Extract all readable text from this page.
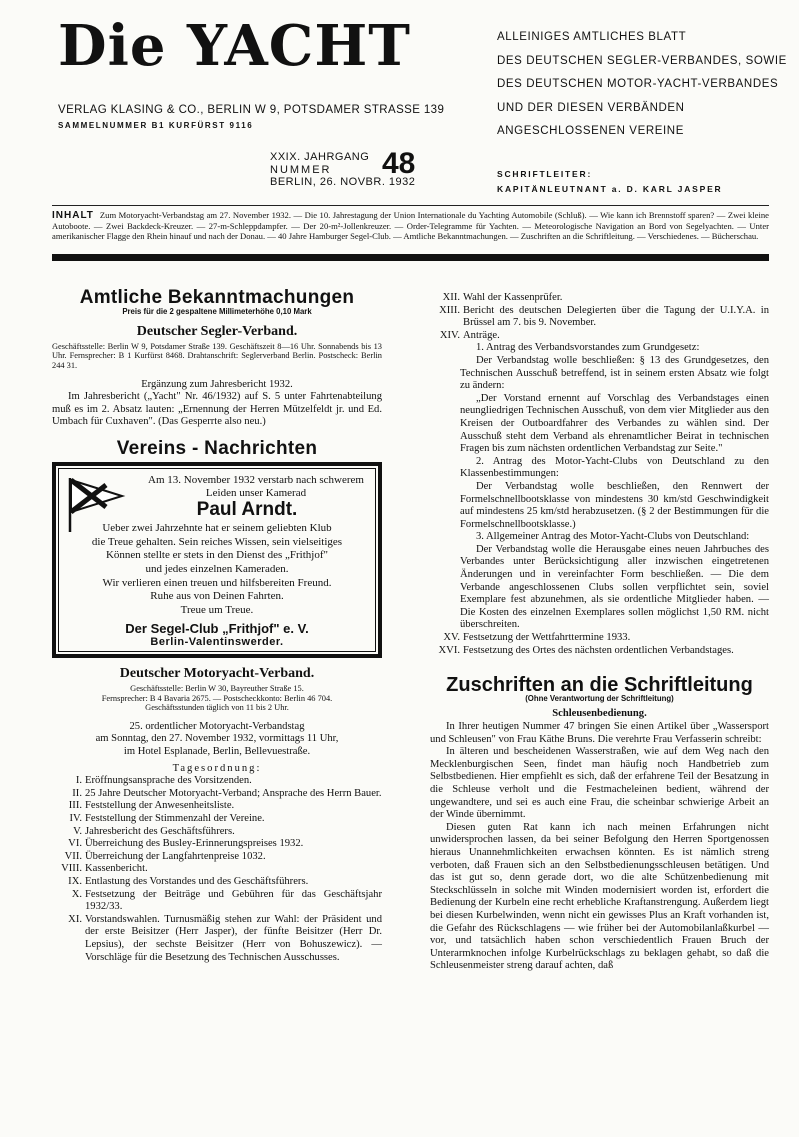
Die YACHT
VERLAG KLASING & CO., BERLIN W 9, POTSDAMER STRASSE 139
SAMMELNUMMER B1 KURFÜRST 9116
ALLEINIGES AMTLICHES BLATT
DES DEUTSCHEN SEGLER-VERBANDES, SOWIE
DES DEUTSCHEN MOTOR-YACHT-VERBANDES
UND DER DIESEN VERBÄNDEN
ANGESCHLOSSENEN VEREINE
XXIX. JAHRGANG
NUMMER
BERLIN, 26. NOVBR. 1932
48	SCHRIFTLEITER:
KAPITÄNLEUTNANT a. D. KARL JASPER
INHALT Zum Motoryacht-Verbandstag am 27. November 1932. — Die 10. Jahrestagung der Union Internationale du Yachting Automobile (Schluß). — Wie kann ich Brennstoff sparen? — Zwei kleine Autoboote. — Zwei Backdeck-Kreuzer. — 27-m-Schleppdampfer. — Der 20-m²-Jollenkreuzer. — Order-Telegramme für Yachten. — Meteorologische Navigation an Bord von Segelyachten. — Unter amerikanischer Flagge den Rhein hinauf und nach der Donau. — 40 Jahre Hamburger Segel-Club. — Amtliche Bekanntmachungen. — Zuschriften an die Schriftleitung. — Verschiedenes. — Bücherschau.
Amtliche Bekanntmachungen
Preis für die 2 gespaltene Millimeterhöhe 0,10 Mark
Deutscher Segler-Verband.
Geschäftsstelle: Berlin W 9, Potsdamer Straße 139. Geschäftszeit 8—16 Uhr. Sonnabends bis 13 Uhr. Fernsprecher: B 1 Kurfürst 8468. Drahtanschrift: Seglerverband Berlin. Postscheck: Berlin 244 31.
Ergänzung zum Jahresbericht 1932.

Im Jahresbericht („Yacht" Nr. 46/1932) auf S. 5 unter Fahrtenabteilung muß es im 2. Absatz lauten: „Ernennung der Herren Mützelfeldt jr. und Ed. Umbach für Cuxhaven". (Das Gesperrte also neu.)

Vereins - Nachrichten
Am 13. November 1932 verstarb nach schwerem Leiden unser Kamerad
Paul Arndt.
Ueber zwei Jahrzehnte hat er seinem geliebten Klub
die Treue gehalten. Sein reiches Wissen, sein vielseitiges
Können stellte er stets in den Dienst des „Frithjof"
und jedes einzelnen Kameraden.
Wir verlieren einen treuen und hilfsbereiten Freund.
Ruhe aus von Deinen Fahrten.
Treue um Treue.
Der Segel-Club „Frithjof" e. V.
Berlin-Valentinswerder.
Deutscher Motoryacht-Verband.
Geschäftsstelle: Berlin W 30, Bayreuther Straße 15.
Fernsprecher: B 4 Bavaria 2675. — Postscheckkonto: Berlin 46 704.
Geschäftsstunden täglich von 11 bis 2 Uhr.
25. ordentlicher Motoryacht-Verbandstag
am Sonntag, den 27. November 1932, vormittags 11 Uhr,
im Hotel Esplanade, Berlin, Bellevuestraße.
Tagesordnung:
I. Eröffnungsansprache des Vorsitzenden.
II. 25 Jahre Deutscher Motoryacht-Verband; Ansprache des Herrn Bauer.
III. Feststellung der Anwesenheitsliste.
IV. Feststellung der Stimmenzahl der Vereine.
V. Jahresbericht des Geschäftsführers.
VI. Überreichung des Busley-Erinnerungspreises 1932.
VII. Überreichung der Langfahrtenpreise 1032.
VIII. Kassenbericht.
IX. Entlastung des Vorstandes und des Geschäftsführers.
X. Festsetzung der Beiträge und Gebühren für das Geschäftsjahr 1932/33.
XI. Vorstandswahlen. Turnusmäßig stehen zur Wahl: der Präsident und der erste Beisitzer (Herr Jasper), der fünfte Beisitzer (Herr Dr. Lepsius), der sechste Beisitzer (Herr von Bohuszewicz). — Vorschläge für die Besetzung des Technischen Ausschusses.
XII. Wahl der Kassenprüfer.
XIII. Bericht des deutschen Delegierten über die Tagung der U.I.Y.A. in Brüssel am 7. bis 9. November.
XIV. Anträge.

1. Antrag des Verbandsvorstandes zum Grundgesetz:

Der Verbandstag wolle beschließen: § 13 des Grundgesetzes, den Technischen Ausschuß betreffend, ist in seinem ersten Absatz wie folgt zu ändern:

„Der Vorstand ernennt auf Vorschlag des Verbandstages einen neungliedrigen Technischen Ausschuß, von dem vier Mitglieder aus den Kreisen der Outboardfahrer des Verbandes zu wählen sind. Der Ausschuß steht dem Verband als ehrenamtlicher Beirat in technischen Fragen bis zum nächsten ordentlichen Verbandstag zur Seite."

2. Antrag des Motor-Yacht-Clubs von Deutschland zu den Klassenbestimmungen:

Der Verbandstag wolle beschließen, den Rennwert der Formelschnellbootsklasse von mindestens 30 km/std Geschwindigkeit auf mindestens 25 km/std herabzusetzen. (§ 2 der Bestimmungen für die Formelschnellbootsklasse.)

3. Allgemeiner Antrag des Motor-Yacht-Clubs von Deutschland:

Der Verbandstag wolle die Herausgabe eines neuen Jahrbuches des Verbandes unter Berücksichtigung aller inzwischen eingetretenen Änderungen und in vereinfachter Form beschließen. — Die dem Verbande angeschlossenen Clubs sollen verpflichtet sein, soviel Exemplare fest abzunehmen, als sie ordentliche Mitglieder haben. — Die Kosten des einzelnen Exemplares sollen möglichst 1,50 RM. nicht überschreiten.

XV. Festsetzung der Wettfahrttermine 1933.
XVI. Festsetzung des Ortes des nächsten ordentlichen Verbandstages.
Zuschriften an die Schriftleitung
(Ohne Verantwortung der Schriftleitung)
Schleusenbedienung.

In Ihrer heutigen Nummer 47 bringen Sie einen Artikel über „Wassersport und Schleusen" von Frau Käthe Bruns. Die verehrte Frau Verfasserin schreibt:

In älteren und bescheidenen Wasserstraßen, wie auf dem Weg nach den Mecklenburgischen Seen, findet man häufig noch Handbetrieb zum Selbstbedienen. Hier empfiehlt es sich, daß der erfahrene Teil der Besatzung in die Schleuse verholt und die Festmacheleinen bedient, während der ungewandtere, und sei es auch eine Frau, die scheinbar schwierige Arbeit an der Winde übernimmt.

Diesen guten Rat kann ich nach meinen Erfahrungen nicht unwidersprochen lassen, da bei seiner Befolgung den Herren Sportgenossen hieraus Unannehmlichkeiten erwachsen könnten. Es ist nämlich streng verboten, daß Frauen sich an den Selbstbedienungsschleusen betätigen. Und das ist gut so, denn gerade dort, wo die alte Schützenbedienung mit Steckschlüsseln in solche mit Winden modernisiert worden ist, erfordert die Bedienung der Kurbeln eine recht erhebliche Kraftanstrengung. Außerdem liegt bei diesen Kurbelwinden, wenn nicht ein gewisses Plus an Kraft vorhanden ist, die Gefahr des Rückschlagens — wie früher bei der Automobilanlaßkurbel — vor, und tatsächlich haben schon verschiedentlich Frauen Bruch der Unterarmknochen infolge Kurbelrückschlags zu beklagen gehabt, so daß die Schleusenmeister streng darauf achten, daß
